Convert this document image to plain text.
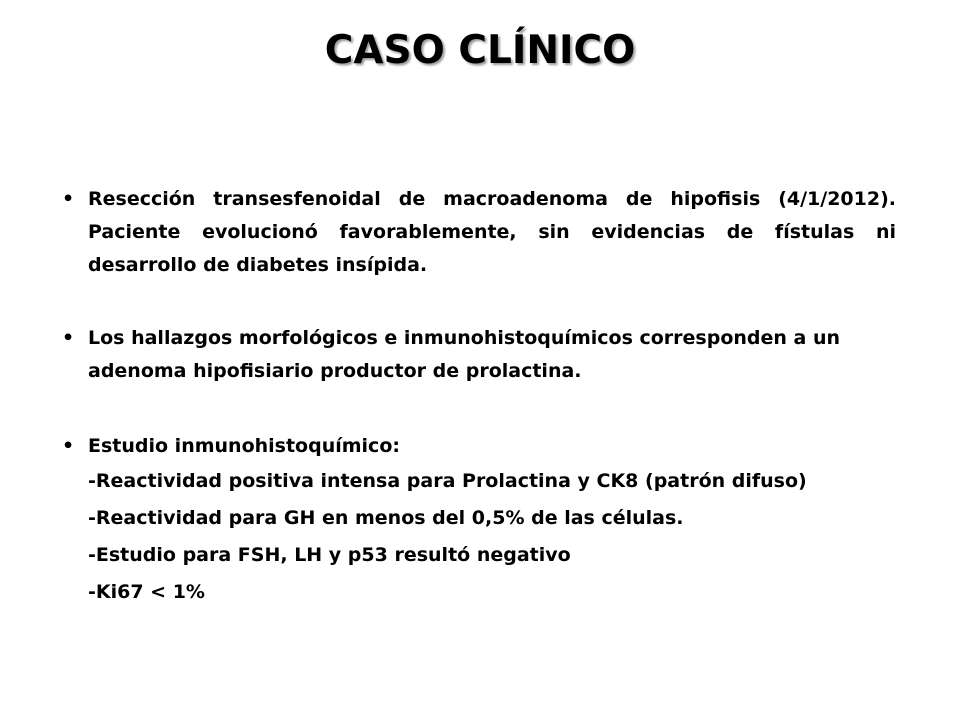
CASO CLÍNICO
• Resección transesfenoidal de macroadenoma de hipofisis (4/1/2012). Paciente evolucionó favorablemente, sin evidencias de fístulas ni desarrollo de diabetes insípida.
• Los hallazgos morfológicos e inmunohistoquímicos corresponden a un adenoma hipofisiario productor de prolactina.
• Estudio inmunohistoquímico:
-Reactividad positiva intensa para Prolactina y CK8 (patrón difuso)
-Reactividad para GH en menos del 0,5% de las células.
-Estudio para FSH, LH y p53 resultó negativo
-Ki67 < 1%
